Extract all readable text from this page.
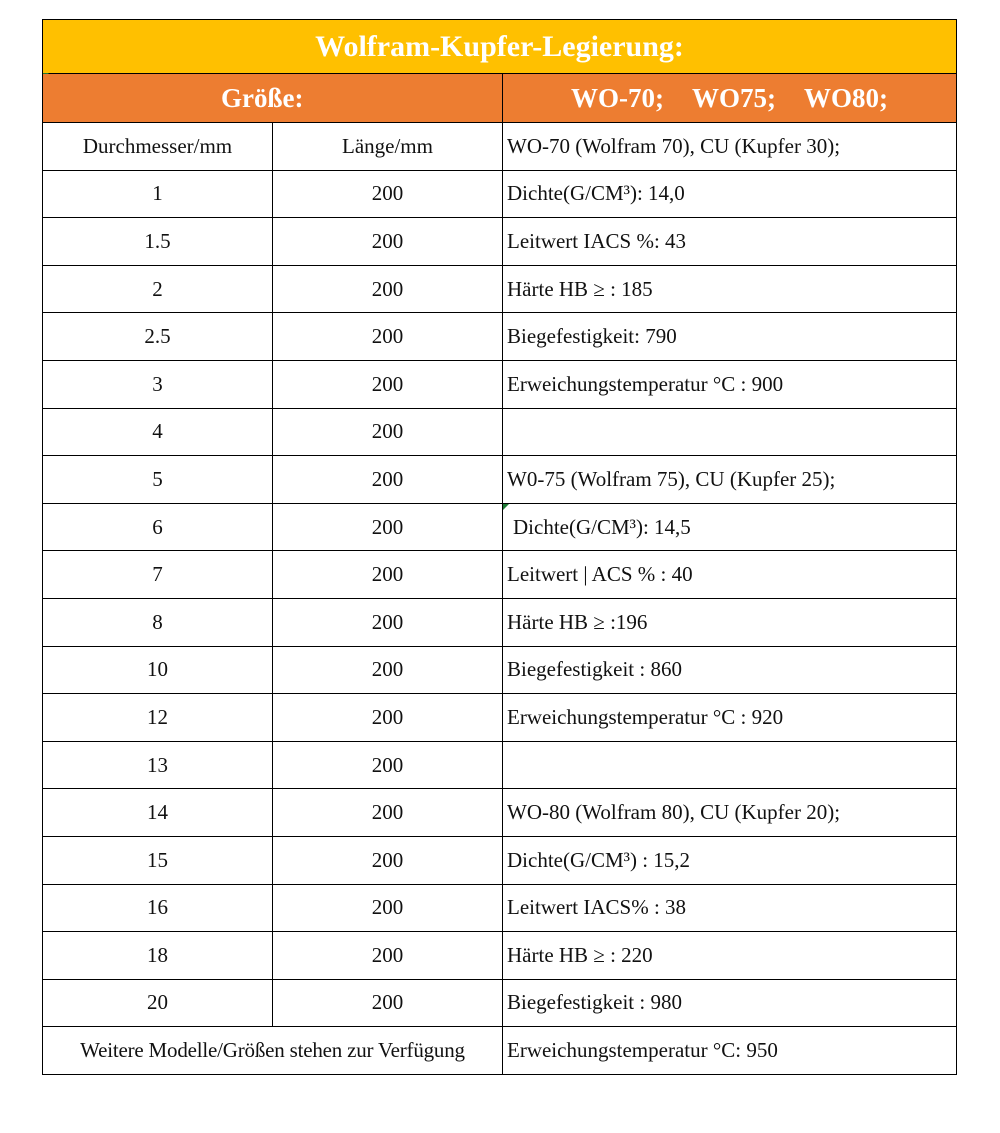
Wolfram-Kupfer-Legierung:		

Größe:		WO-70; WO75; WO80;
Durchmesser/mm	Länge/mm	WO-70 (Wolfram 70), CU (Kupfer 30);
1	200	Dichte(G/CM³): 14,0
1.5	200	Leitwert IACS %: 43
2	200	Härte HB ≥ : 185
2.5	200	Biegefestigkeit: 790
3	200	Erweichungstemperatur °C : 900
4	200	
5	200	W0-75 (Wolfram 75), CU (Kupfer 25);
6	200	Dichte(G/CM³): 14,5

7	200	Leitwert | ACS % : 40
8	200	Härte HB ≥ :196
10	200	Biegefestigkeit : 860
12	200	Erweichungstemperatur °C : 920
13	200	
14	200	WO-80 (Wolfram 80), CU (Kupfer 20);
15	200	Dichte(G/CM³) : 15,2
16	200	Leitwert IACS% : 38
18	200	Härte HB ≥ : 220
20	200	Biegefestigkeit : 980
Weitere Modelle/Größen stehen zur Verfügung		Erweichungstemperatur °C: 950
